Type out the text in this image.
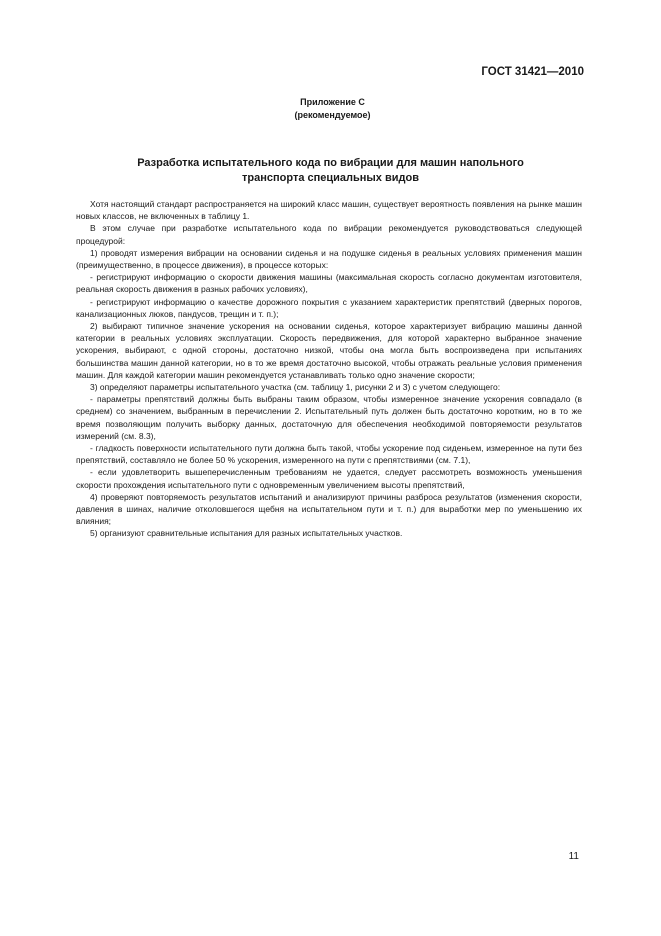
ГОСТ 31421—2010
Приложение С
(рекомендуемое)
Разработка испытательного кода по вибрации для машин напольного
транспорта специальных видов

Хотя настоящий стандарт распространяется на широкий класс машин, существует вероятность появления на рынке машин новых классов, не включенных в таблицу 1.

В этом случае при разработке испытательного кода по вибрации рекомендуется руководствоваться следующей процедурой:

1) проводят измерения вибрации на основании сиденья и на подушке сиденья в реальных условиях применения машин (преимущественно, в процессе движения), в процессе которых:

- регистрируют информацию о скорости движения машины (максимальная скорость согласно документам изготовителя, реальная скорость движения в разных рабочих условиях),

- регистрируют информацию о качестве дорожного покрытия с указанием характеристик препятствий (дверных порогов, канализационных люков, пандусов, трещин и т. п.);

2) выбирают типичное значение ускорения на основании сиденья, которое характеризует вибрацию машины данной категории в реальных условиях эксплуатации. Скорость передвижения, для которой характерно выбранное значение ускорения, выбирают, с одной стороны, достаточно низкой, чтобы она могла быть воспроизведена при испытаниях большинства машин данной категории, но в то же время достаточно высокой, чтобы отражать реальные условия применения машин. Для каждой категории машин рекомендуется устанавливать только одно значение скорости;

3) определяют параметры испытательного участка (см. таблицу 1, рисунки 2 и 3) с учетом следующего:

- параметры препятствий должны быть выбраны таким образом, чтобы измеренное значение ускорения совпадало (в среднем) со значением, выбранным в перечислении 2. Испытательный путь должен быть достаточно коротким, но в то же время позволяющим получить выборку данных, достаточную для обеспечения необходимой повторяемости результатов измерений (см. 8.3),

- гладкость поверхности испытательного пути должна быть такой, чтобы ускорение под сиденьем, измеренное на пути без препятствий, составляло не более 50 % ускорения, измеренного на пути с препятствиями (см. 7.1),

- если удовлетворить вышеперечисленным требованиям не удается, следует рассмотреть возможность уменьшения скорости прохождения испытательного пути с одновременным увеличением высоты препятствий,

4) проверяют повторяемость результатов испытаний и анализируют причины разброса результатов (изменения скорости, давления в шинах, наличие отколовшегося щебня на испытательном пути и т. п.) для выработки мер по уменьшению их влияния;

5) организуют сравнительные испытания для разных испытательных участков.

11
